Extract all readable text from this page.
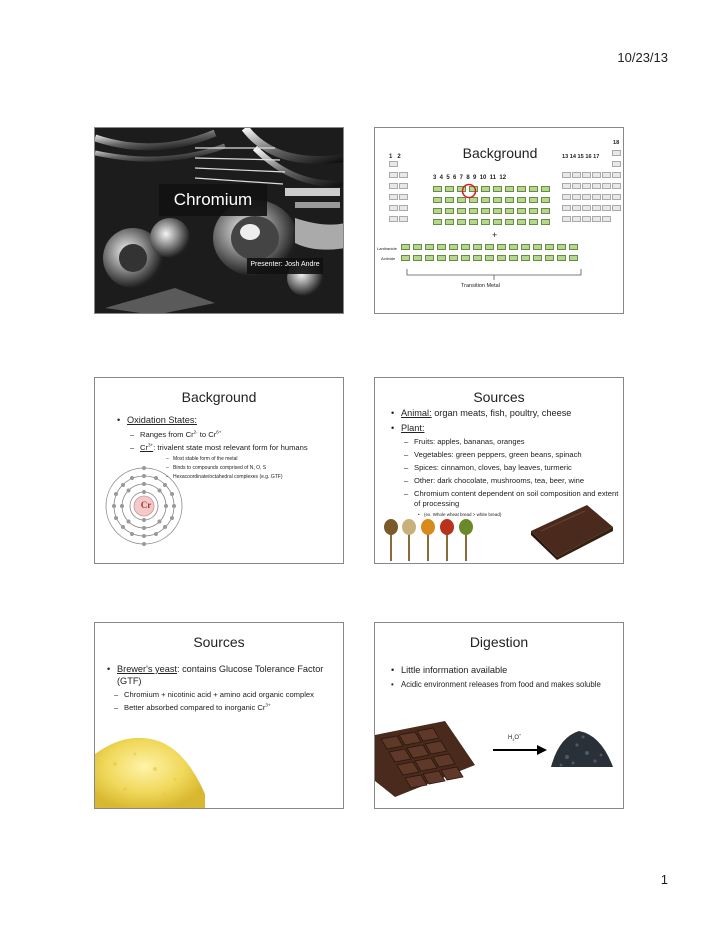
10/23/13
Chromium
Presenter: Josh Andre
Background
1   2
3  4  5  6  7  8  9  10  11  12
13 14 15 16 17
18
+
Lanthanide
Actinide
Transition Metal
Background
• Oxidation States:
– Ranges from $Cr^{2-}$ to $Cr^{6+}$
– $Cr^{3+}$: trivalent state most relevant form for humans
– Most stable form of the metal
– Binds to compounds comprised of N, O, S
– Hexacoordinate/octahedral complexes (e.g. GTF)
Cr
Sources
• Animal: organ meats, fish, poultry, cheese
• Plant:
– Fruits: apples, bananas, oranges
– Vegetables: green peppers, green beans, spinach
– Spices: cinnamon, cloves, bay leaves, turmeric
– Other: dark chocolate, mushrooms, tea, beer, wine
– Chromium content dependent on soil composition and extent of processing
• (ex. Whole wheat bread > white bread)
Sources
• Brewer's yeast: contains Glucose Tolerance Factor (GTF)
– Chromium + nicotinic acid + amino acid organic complex
– Better absorbed compared to inorganic $Cr^{3+}$
Digestion
• Little information available
• Acidic environment releases from food and makes soluble
$H_3O^+$
1
